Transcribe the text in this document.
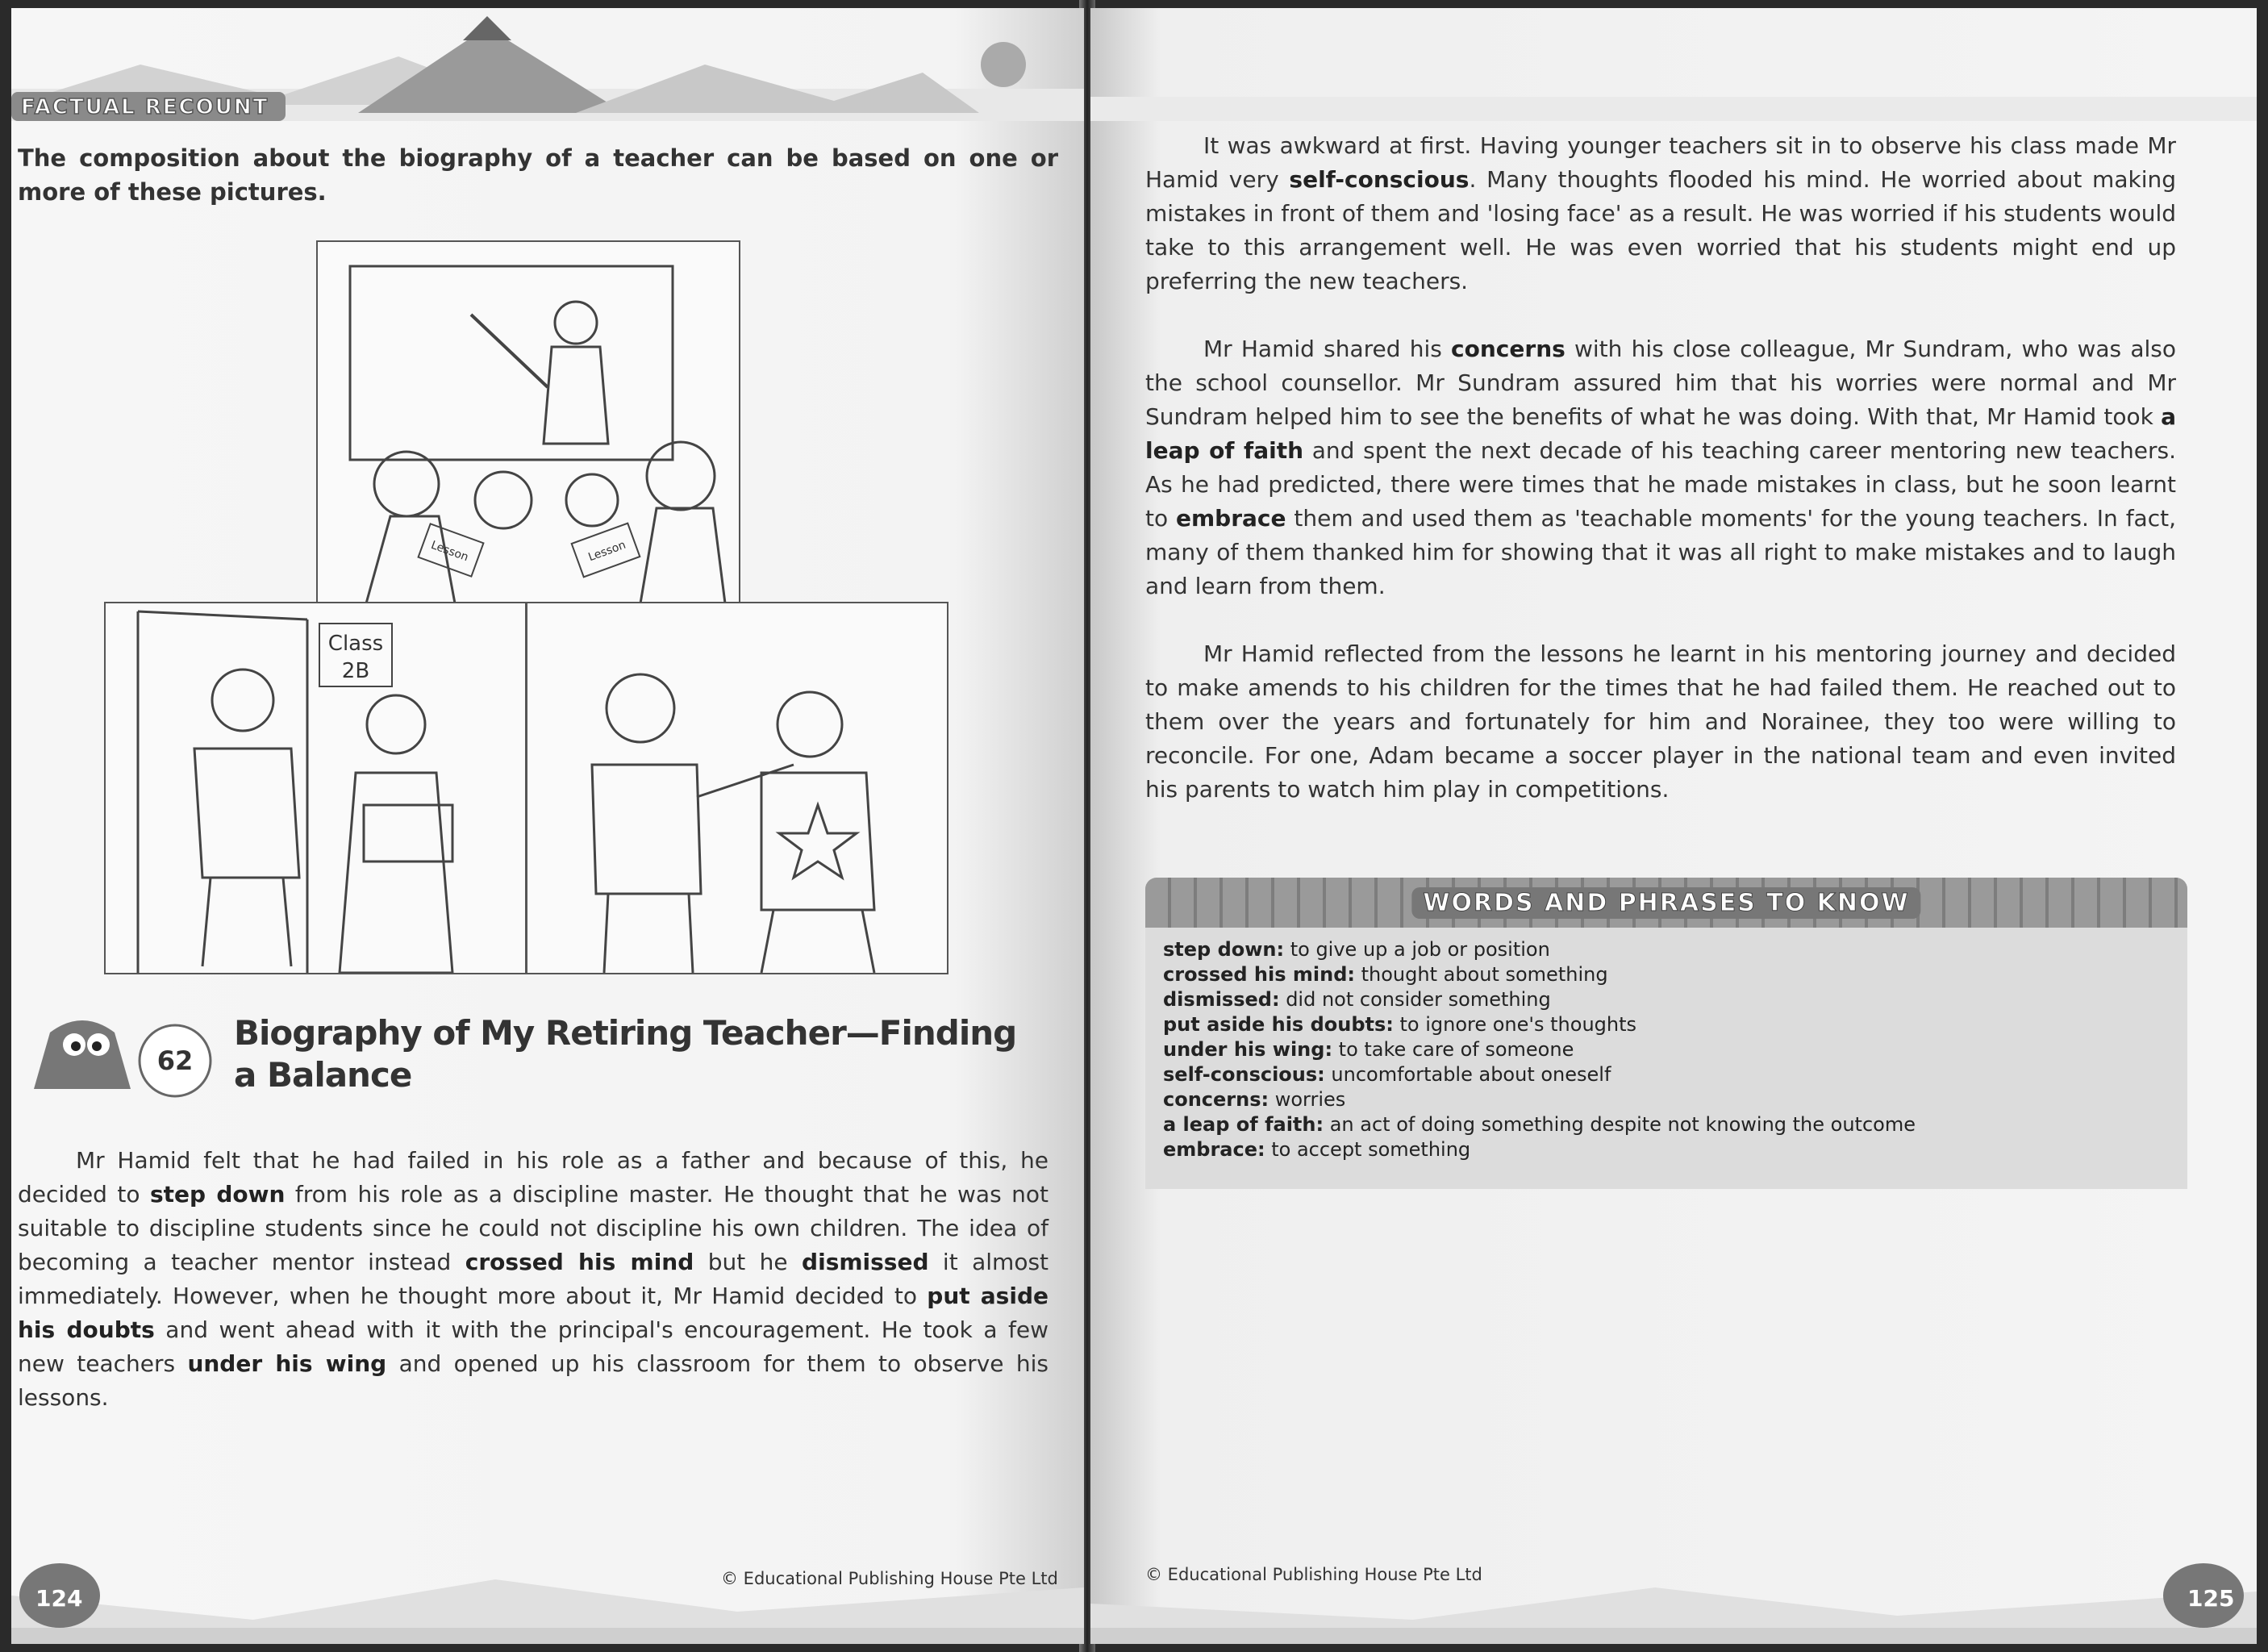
FACTUAL RECOUNT
The composition about the biography of a teacher can be based on one or more of these pictures.
Lesson	Lesson
Class
2B
62
Biography of My Retiring Teacher—Finding a Balance

Mr Hamid felt that he had failed in his role as a father and because of this, he decided to step down from his role as a discipline master. He thought that he was not suitable to discipline students since he could not discipline his own children. The idea of becoming a teacher mentor instead crossed his mind but he dismissed it almost immediately. However, when he thought more about it, Mr Hamid decided to put aside his doubts and went ahead with it with the principal's encouragement. He took a few new teachers under his wing and opened up his classroom for them to observe his lessons.

124
© Educational Publishing House Pte Ltd

It was awkward at first. Having younger teachers sit in to observe his class made Mr Hamid very self-conscious. Many thoughts flooded his mind. He worried about making mistakes in front of them and 'losing face' as a result. He was worried if his students would take to this arrangement well. He was even worried that his students might end up preferring the new teachers.

Mr Hamid shared his concerns with his close colleague, Mr Sundram, who was also the school counsellor. Mr Sundram assured him that his worries were normal and Mr Sundram helped him to see the benefits of what he was doing. With that, Mr Hamid took a leap of faith and spent the next decade of his teaching career mentoring new teachers. As he had predicted, there were times that he made mistakes in class, but he soon learnt to embrace them and used them as 'teachable moments' for the young teachers. In fact, many of them thanked him for showing that it was all right to make mistakes and to laugh and learn from them.

Mr Hamid reflected from the lessons he learnt in his mentoring journey and decided to make amends to his children for the times that he had failed them. He reached out to them over the years and fortunately for him and Norainee, they too were willing to reconcile. For one, Adam became a soccer player in the national team and even invited his parents to watch him play in competitions.

WORDS AND PHRASES TO KNOW
step down: to give up a job or position
crossed his mind: thought about something
dismissed: did not consider something
put aside his doubts: to ignore one's thoughts
under his wing: to take care of someone
self-conscious: uncomfortable about oneself
concerns: worries
a leap of faith: an act of doing something despite not knowing the outcome
embrace: to accept something
© Educational Publishing House Pte Ltd
125
